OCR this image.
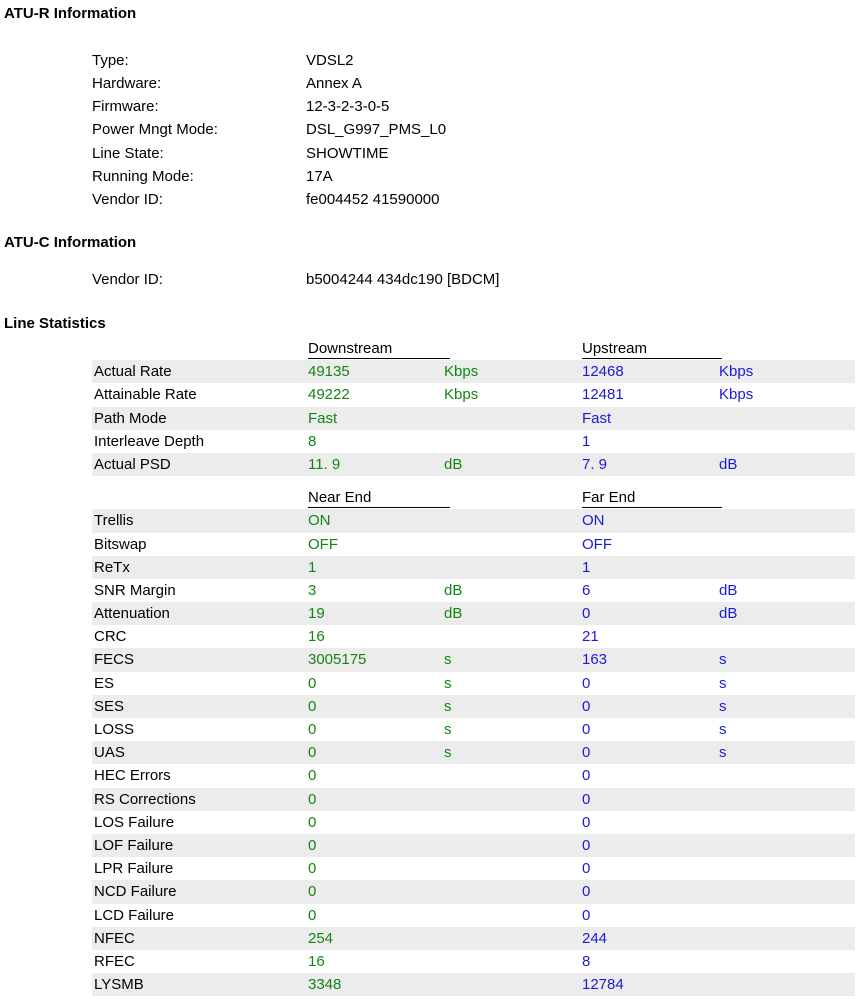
ATU-R Information
Type:	VDSL2
Hardware:	Annex A
Firmware:	12-3-2-3-0-5
Power Mngt Mode:	DSL_G997_PMS_L0
Line State:	SHOWTIME
Running Mode:	17A
Vendor ID:	fe004452 41590000
ATU-C Information
Vendor ID:	b5004244 434dc190 [BDCM]
Line Statistics
Downstream	Upstream
Actual Rate	49135	Kbps	12468	Kbps
Attainable Rate	49222	Kbps	12481	Kbps
Path Mode	Fast	Fast
Interleave Depth	8	1
Actual PSD	11. 9	dB	7. 9	dB
Near End	Far End
Trellis	ON	ON
Bitswap	OFF	OFF
ReTx	1	1
SNR Margin	3	dB	6	dB
Attenuation	19	dB	0	dB
CRC	16	21
FECS	3005175	s	163	s
ES	0	s	0	s
SES	0	s	0	s
LOSS	0	s	0	s
UAS	0	s	0	s
HEC Errors	0	0
RS Corrections	0	0
LOS Failure	0	0
LOF Failure	0	0
LPR Failure	0	0
NCD Failure	0	0
LCD Failure	0	0
NFEC	254	244
RFEC	16	8
LYSMB	3348	12784
